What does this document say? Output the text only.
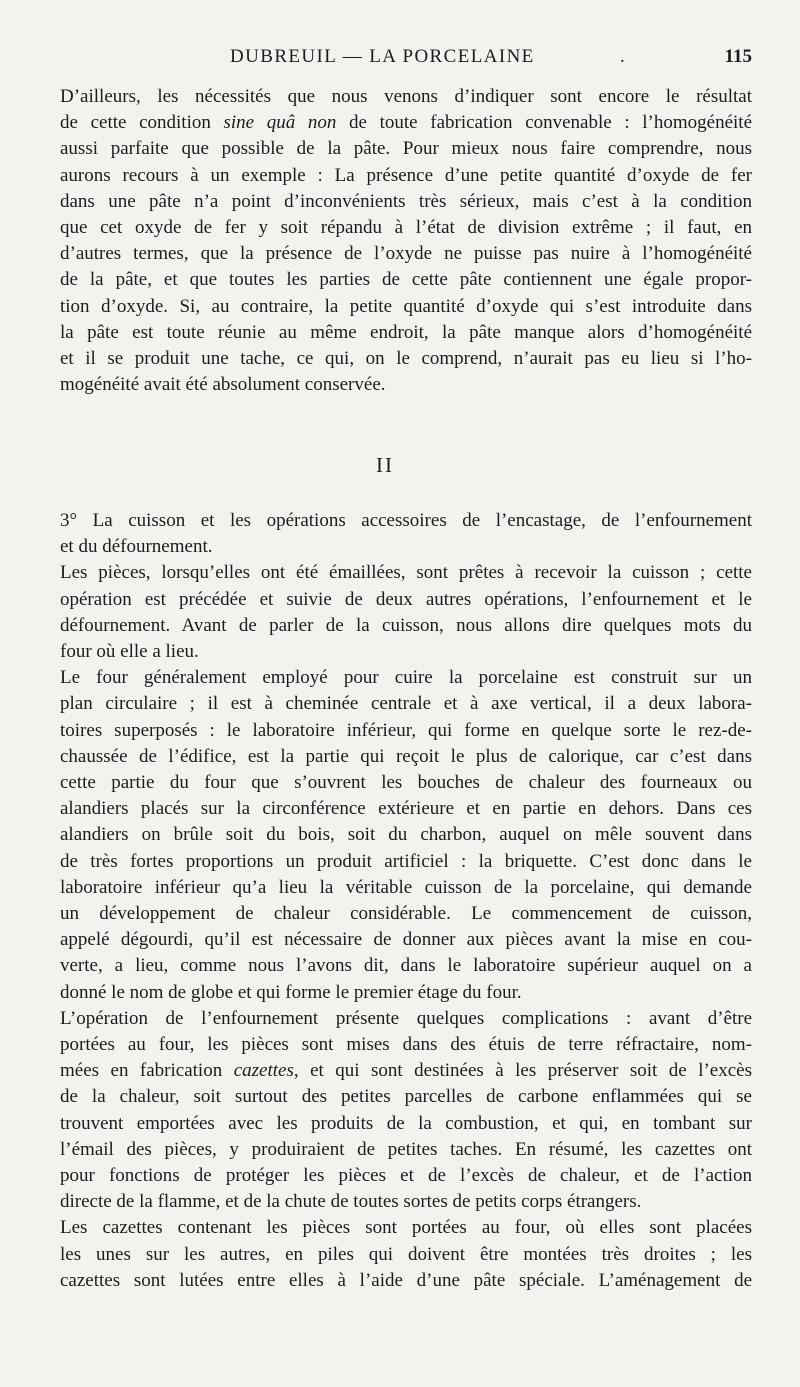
DUBREUIL — LA PORCELAINE	.	115

D’ailleurs, les nécessités que nous venons d’indiquer sont encore le résultat
de cette condition sine quâ non de toute fabrication convenable : l’homogénéité
aussi parfaite que possible de la pâte. Pour mieux nous faire comprendre, nous
aurons recours à un exemple : La présence d’une petite quantité d’oxyde de fer
dans une pâte n’a point d’inconvénients très sérieux, mais c’est à la condition
que cet oxyde de fer y soit répandu à l’état de division extrême ; il faut, en
d’autres termes, que la présence de l’oxyde ne puisse pas nuire à l’homogénéité
de la pâte, et que toutes les parties de cette pâte contiennent une égale propor-
tion d’oxyde. Si, au contraire, la petite quantité d’oxyde qui s’est introduite dans
la pâte est toute réunie au même endroit, la pâte manque alors d’homogénéité
et il se produit une tache, ce qui, on le comprend, n’aurait pas eu lieu si l’ho-
mogénéité avait été absolument conservée.

II

3° La cuisson et les opérations accessoires de l’encastage, de l’enfournement
et du défournement.

Les pièces, lorsqu’elles ont été émaillées, sont prêtes à recevoir la cuisson ; cette
opération est précédée et suivie de deux autres opérations, l’enfournement et le
défournement. Avant de parler de la cuisson, nous allons dire quelques mots du
four où elle a lieu.

Le four généralement employé pour cuire la porcelaine est construit sur un
plan circulaire ; il est à cheminée centrale et à axe vertical, il a deux labora-
toires superposés : le laboratoire inférieur, qui forme en quelque sorte le rez-de-
chaussée de l’édifice, est la partie qui reçoit le plus de calorique, car c’est dans
cette partie du four que s’ouvrent les bouches de chaleur des fourneaux ou
alandiers placés sur la circonférence extérieure et en partie en dehors. Dans ces
alandiers on brûle soit du bois, soit du charbon, auquel on mêle souvent dans
de très fortes proportions un produit artificiel : la briquette. C’est donc dans le
laboratoire inférieur qu’a lieu la véritable cuisson de la porcelaine, qui demande
un développement de chaleur considérable. Le commencement de cuisson,
appelé dégourdi, qu’il est nécessaire de donner aux pièces avant la mise en cou-
verte, a lieu, comme nous l’avons dit, dans le laboratoire supérieur auquel on a
donné le nom de globe et qui forme le premier étage du four.

L’opération de l’enfournement présente quelques complications : avant d’être
portées au four, les pièces sont mises dans des étuis de terre réfractaire, nom-
mées en fabrication cazettes, et qui sont destinées à les préserver soit de l’excès
de la chaleur, soit surtout des petites parcelles de carbone enflammées qui se
trouvent emportées avec les produits de la combustion, et qui, en tombant sur
l’émail des pièces, y produiraient de petites taches. En résumé, les cazettes ont
pour fonctions de protéger les pièces et de l’excès de chaleur, et de l’action
directe de la flamme, et de la chute de toutes sortes de petits corps étrangers.

Les cazettes contenant les pièces sont portées au four, où elles sont placées
les unes sur les autres, en piles qui doivent être montées très droites ; les
cazettes sont lutées entre elles à l’aide d’une pâte spéciale. L’aménagement de
